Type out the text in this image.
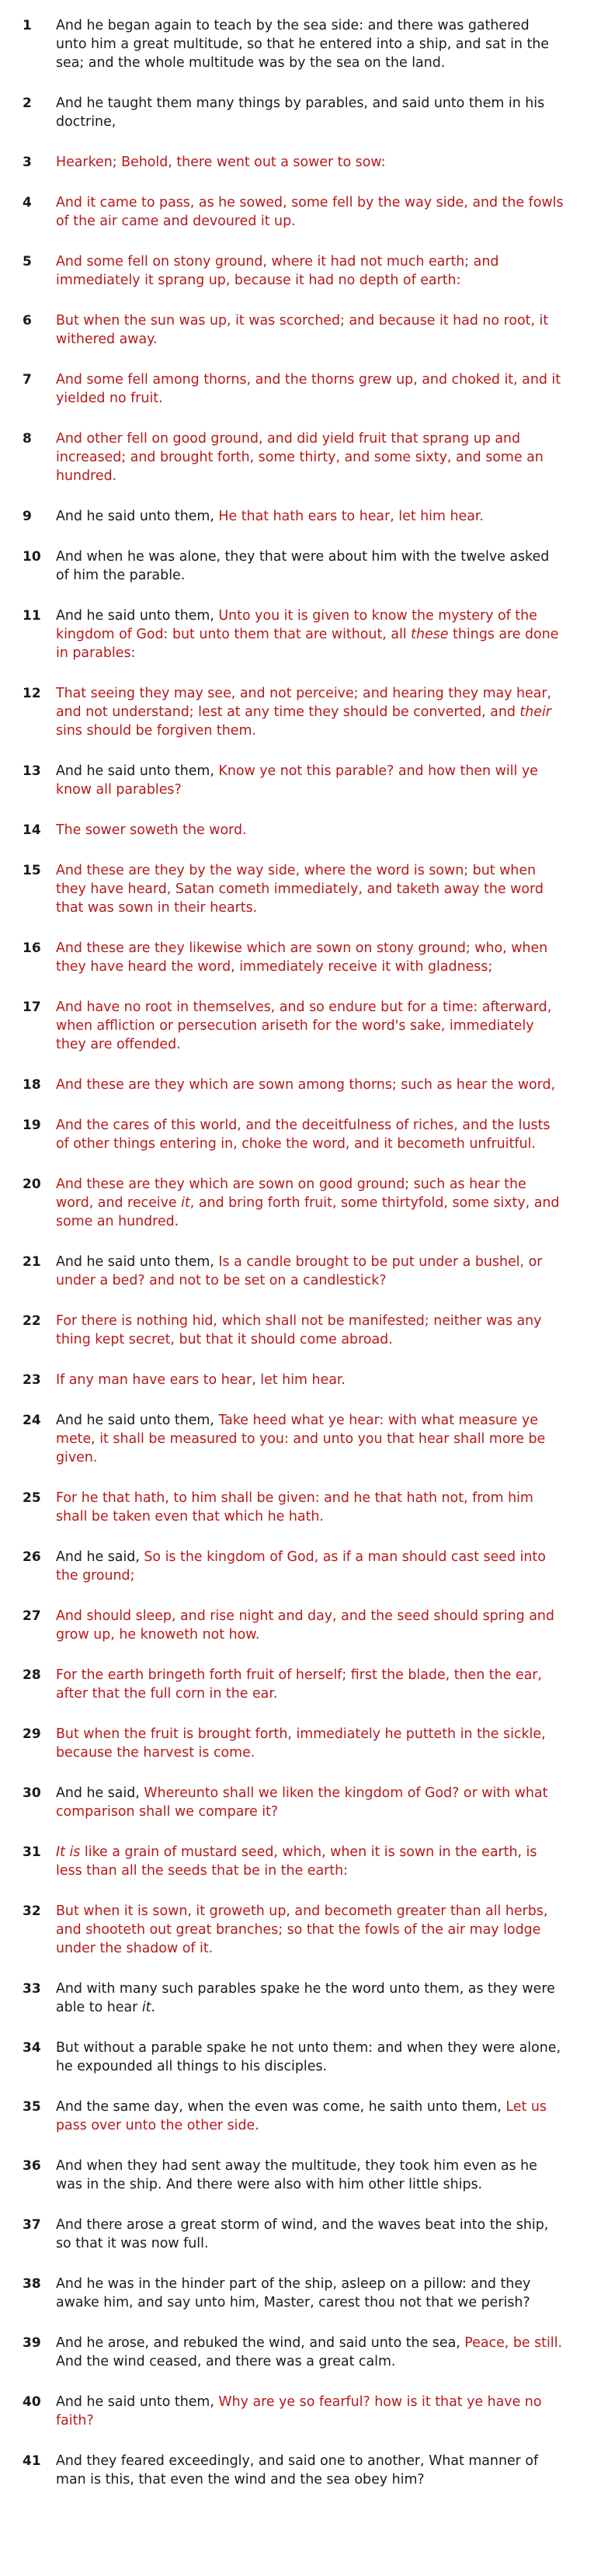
1 And he began again to teach by the sea side: and there was gathered unto him a great multitude, so that he entered into a ship, and sat in the sea; and the whole multitude was by the sea on the land.
2 And he taught them many things by parables, and said unto them in his doctrine,
3 Hearken; Behold, there went out a sower to sow:
4 And it came to pass, as he sowed, some fell by the way side, and the fowls of the air came and devoured it up.
5 And some fell on stony ground, where it had not much earth; and immediately it sprang up, because it had no depth of earth:
6 But when the sun was up, it was scorched; and because it had no root, it withered away.
7 And some fell among thorns, and the thorns grew up, and choked it, and it yielded no fruit.
8 And other fell on good ground, and did yield fruit that sprang up and increased; and brought forth, some thirty, and some sixty, and some an hundred.
9 And he said unto them, He that hath ears to hear, let him hear.
10 And when he was alone, they that were about him with the twelve asked of him the parable.
11 And he said unto them, Unto you it is given to know the mystery of the kingdom of God: but unto them that are without, all these things are done in parables:
12 That seeing they may see, and not perceive; and hearing they may hear, and not understand; lest at any time they should be converted, and their sins should be forgiven them.
13 And he said unto them, Know ye not this parable? and how then will ye know all parables?
14 The sower soweth the word.
15 And these are they by the way side, where the word is sown; but when they have heard, Satan cometh immediately, and taketh away the word that was sown in their hearts.
16 And these are they likewise which are sown on stony ground; who, when they have heard the word, immediately receive it with gladness;
17 And have no root in themselves, and so endure but for a time: afterward, when affliction or persecution ariseth for the word's sake, immediately they are offended.
18 And these are they which are sown among thorns; such as hear the word,
19 And the cares of this world, and the deceitfulness of riches, and the lusts of other things entering in, choke the word, and it becometh unfruitful.
20 And these are they which are sown on good ground; such as hear the word, and receive it, and bring forth fruit, some thirtyfold, some sixty, and some an hundred.
21 And he said unto them, Is a candle brought to be put under a bushel, or under a bed? and not to be set on a candlestick?
22 For there is nothing hid, which shall not be manifested; neither was any thing kept secret, but that it should come abroad.
23 If any man have ears to hear, let him hear.
24 And he said unto them, Take heed what ye hear: with what measure ye mete, it shall be measured to you: and unto you that hear shall more be given.
25 For he that hath, to him shall be given: and he that hath not, from him shall be taken even that which he hath.
26 And he said, So is the kingdom of God, as if a man should cast seed into the ground;
27 And should sleep, and rise night and day, and the seed should spring and grow up, he knoweth not how.
28 For the earth bringeth forth fruit of herself; first the blade, then the ear, after that the full corn in the ear.
29 But when the fruit is brought forth, immediately he putteth in the sickle, because the harvest is come.
30 And he said, Whereunto shall we liken the kingdom of God? or with what comparison shall we compare it?
31 It is like a grain of mustard seed, which, when it is sown in the earth, is less than all the seeds that be in the earth:
32 But when it is sown, it groweth up, and becometh greater than all herbs, and shooteth out great branches; so that the fowls of the air may lodge under the shadow of it.
33 And with many such parables spake he the word unto them, as they were able to hear it.
34 But without a parable spake he not unto them: and when they were alone, he expounded all things to his disciples.
35 And the same day, when the even was come, he saith unto them, Let us pass over unto the other side.
36 And when they had sent away the multitude, they took him even as he was in the ship. And there were also with him other little ships.
37 And there arose a great storm of wind, and the waves beat into the ship, so that it was now full.
38 And he was in the hinder part of the ship, asleep on a pillow: and they awake him, and say unto him, Master, carest thou not that we perish?
39 And he arose, and rebuked the wind, and said unto the sea, Peace, be still. And the wind ceased, and there was a great calm.
40 And he said unto them, Why are ye so fearful? how is it that ye have no faith?
41 And they feared exceedingly, and said one to another, What manner of man is this, that even the wind and the sea obey him?
